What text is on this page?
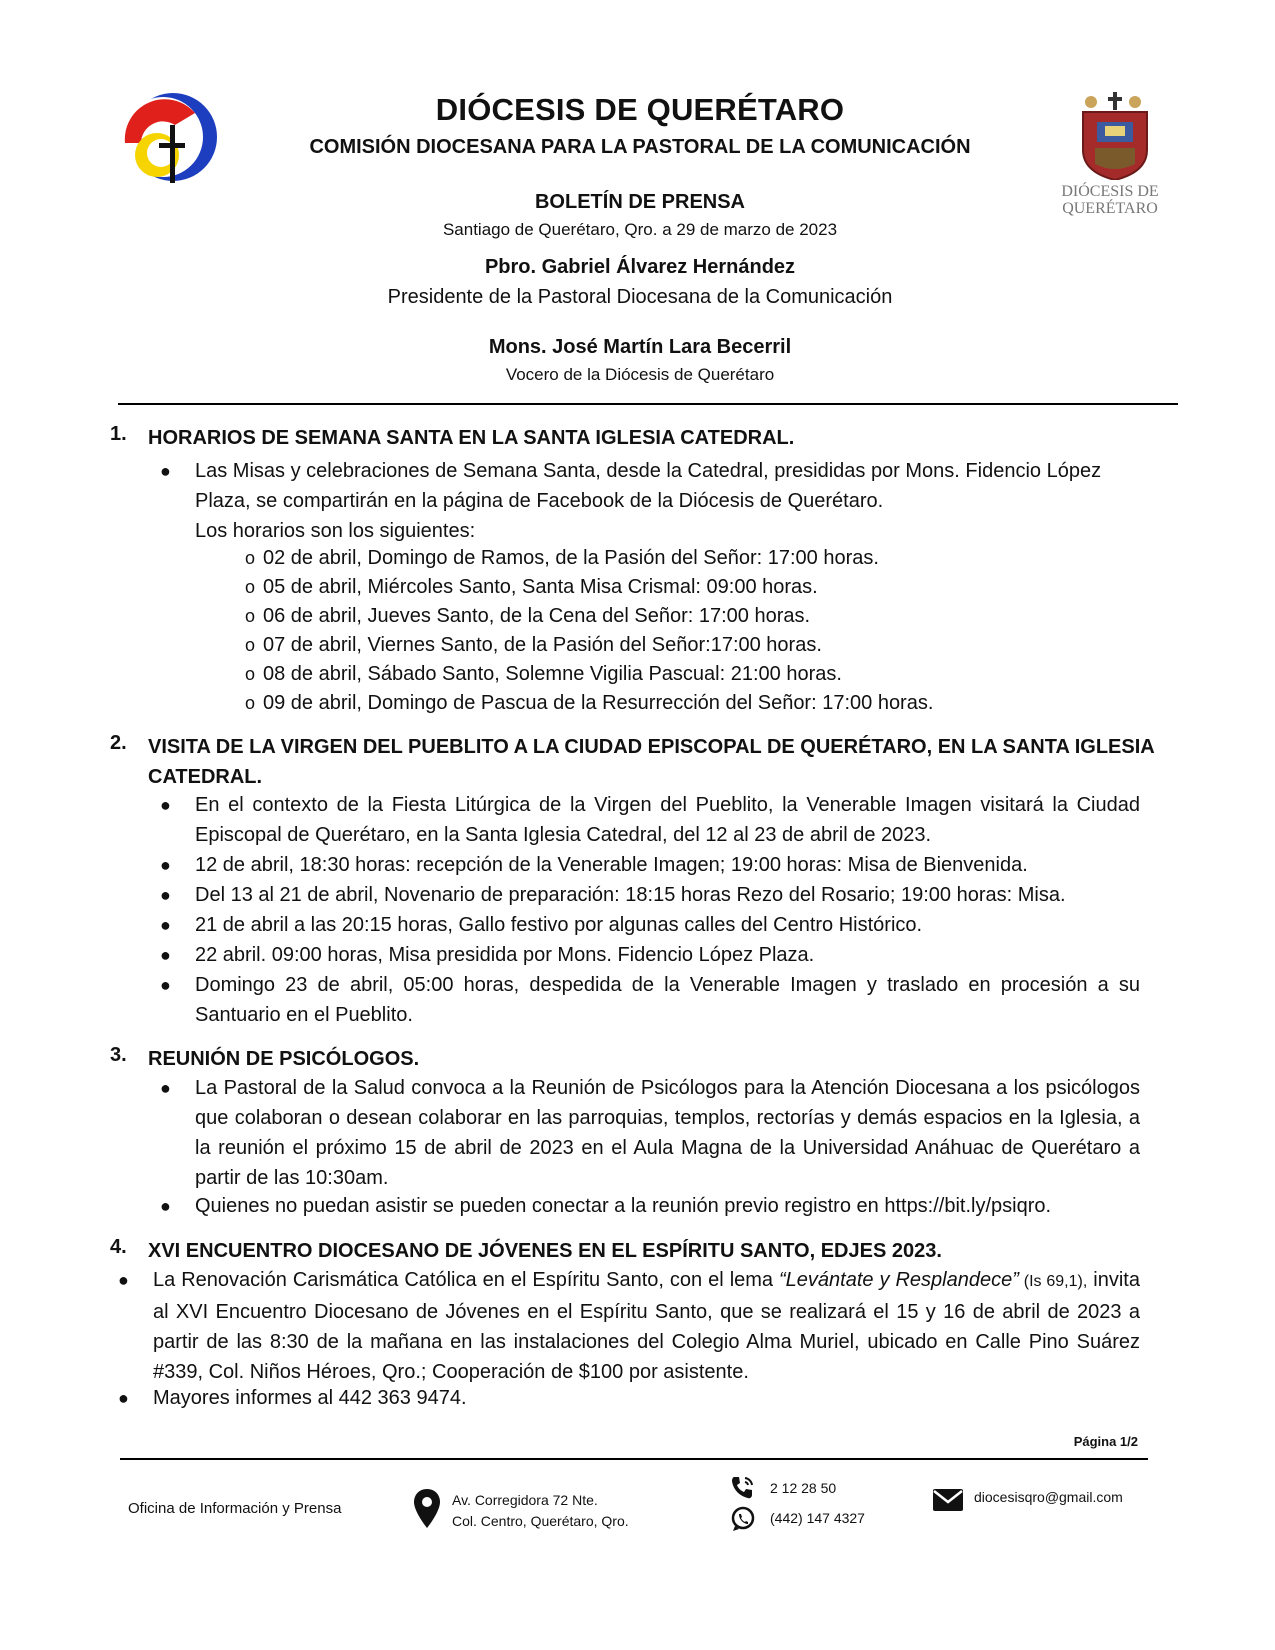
DIÓCESIS DE
QUERÉTARO
DIÓCESIS DE QUERÉTARO
COMISIÓN DIOCESANA PARA LA PASTORAL DE LA COMUNICACIÓN
BOLETÍN DE PRENSA
Santiago de Querétaro, Qro. a 29 de marzo de 2023
Pbro. Gabriel Álvarez Hernández
Presidente de la Pastoral Diocesana de la Comunicación
Mons. José Martín Lara Becerril
Vocero de la Diócesis de Querétaro
1. HORARIOS DE SEMANA SANTA EN LA SANTA IGLESIA CATEDRAL.
● Las Misas y celebraciones de Semana Santa, desde la Catedral, presididas por Mons. Fidencio López
Plaza, se compartirán en la página de Facebook de la Diócesis de Querétaro.
Los horarios son los siguientes:
o 02 de abril, Domingo de Ramos, de la Pasión del Señor: 17:00 horas.
o 05 de abril, Miércoles Santo, Santa Misa Crismal: 09:00 horas.
o 06 de abril, Jueves Santo, de la Cena del Señor: 17:00 horas.
o 07 de abril, Viernes Santo, de la Pasión del Señor:17:00 horas.
o 08 de abril, Sábado Santo, Solemne Vigilia Pascual: 21:00 horas.
o 09 de abril, Domingo de Pascua de la Resurrección del Señor: 17:00 horas.
2. VISITA DE LA VIRGEN DEL PUEBLITO A LA CIUDAD EPISCOPAL DE QUERÉTARO, EN LA SANTA IGLESIA
CATEDRAL.
● En el contexto de la Fiesta Litúrgica de la Virgen del Pueblito, la Venerable Imagen visitará la Ciudad Episcopal de Querétaro, en la Santa Iglesia Catedral, del 12 al 23 de abril de 2023.
● 12 de abril, 18:30 horas: recepción de la Venerable Imagen; 19:00 horas: Misa de Bienvenida.
● Del 13 al 21 de abril, Novenario de preparación: 18:15 horas Rezo del Rosario; 19:00 horas: Misa.
● 21 de abril a las 20:15 horas, Gallo festivo por algunas calles del Centro Histórico.
● 22 abril. 09:00 horas, Misa presidida por Mons. Fidencio López Plaza.
● Domingo 23 de abril, 05:00 horas, despedida de la Venerable Imagen y traslado en procesión a su Santuario en el Pueblito.
3. REUNIÓN DE PSICÓLOGOS.
● La Pastoral de la Salud convoca a la Reunión de Psicólogos para la Atención Diocesana a los psicólogos que colaboran o desean colaborar en las parroquias, templos, rectorías y demás espacios en la Iglesia, a la reunión el próximo 15 de abril de 2023 en el Aula Magna de la Universidad Anáhuac de Querétaro a partir de las 10:30am.
● Quienes no puedan asistir se pueden conectar a la reunión previo registro en https://bit.ly/psiqro.
4. XVI ENCUENTRO DIOCESANO DE JÓVENES EN EL ESPÍRITU SANTO, EDJES 2023.
● La Renovación Carismática Católica en el Espíritu Santo, con el lema “Levántate y Resplandece” (Is 69,1), invita al XVI Encuentro Diocesano de Jóvenes en el Espíritu Santo, que se realizará el 15 y 16 de abril de 2023 a partir de las 8:30 de la mañana en las instalaciones del Colegio Alma Muriel, ubicado en Calle Pino Suárez #339, Col. Niños Héroes, Qro.; Cooperación de $100 por asistente.
● Mayores informes al 442 363 9474.
Página 1/2
Oficina de Información y Prensa	Av. Corregidora 72 Nte.
Col. Centro, Querétaro, Qro.
2 12 28 50
(442) 147 4327
diocesisqro@gmail.com
